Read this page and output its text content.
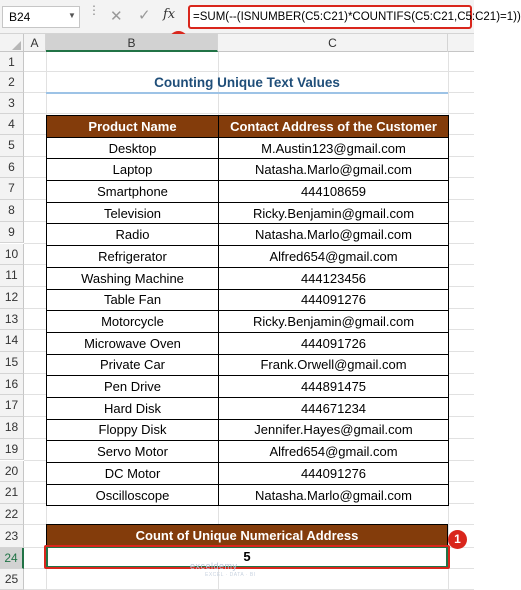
B24	▼ ⋮ ✕ ✓ fx	=SUM(--(ISNUMBER(C5:C21)*COUNTIFS(C5:C21,C5:C21)=1))
A	B	C
1
2
3
4
5
6
7
8
9
10
11
12
13
14
15
16
17
18
19
20
21
22
23
24
25
Counting Unique Text Values
Product Name	Contact Address of the Customer
Desktop	M.Austin123@gmail.com
Laptop	Natasha.Marlo@gmail.com
Smartphone	444108659
Television	Ricky.Benjamin@gmail.com
Radio	Natasha.Marlo@gmail.com
Refrigerator	Alfred654@gmail.com
Washing Machine	444123456
Table Fan	444091276
Motorcycle	Ricky.Benjamin@gmail.com
Microwave Oven	444091726
Private Car	Frank.Orwell@gmail.com
Pen Drive	444891475
Hard Disk	444671234
Floppy Disk	Jennifer.Hayes@gmail.com
Servo Motor	Alfred654@gmail.com
DC Motor	444091276
Oscilloscope	Natasha.Marlo@gmail.com
Count of Unique Numerical Address
5
1
exceldemy
EXCEL · DATA · BI
